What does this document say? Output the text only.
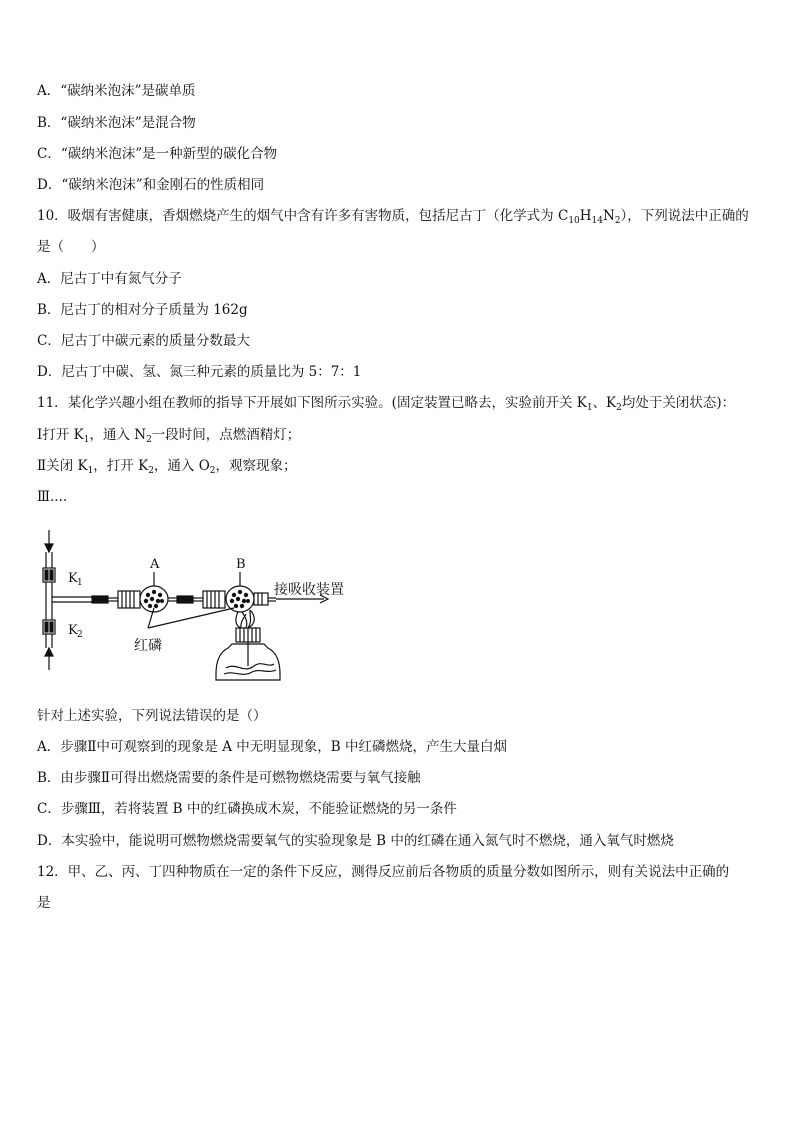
A．“碳纳米泡沫”是碳单质
B．“碳纳米泡沫”是混合物
C．“碳纳米泡沫”是一种新型的碳化合物
D．“碳纳米泡沫”和金刚石的性质相同
10．吸烟有害健康，香烟燃烧产生的烟气中含有许多有害物质，包括尼古丁（化学式为 $C_{10}H_{14}N_2$），下列说法中正确的
是（　　）
A．尼古丁中有氮气分子
B．尼古丁的相对分子质量为 162g
C．尼古丁中碳元素的质量分数最大
D．尼古丁中碳、氢、氮三种元素的质量比为 5：7：1
11．某化学兴趣小组在教师的指导下开展如下图所示实验。(固定装置已略去，实验前开关 $K_1$、$K_2$均处于关闭状态)：
Ⅰ打开 $K_1$，通入 $N_2$一段时间，点燃酒精灯；
Ⅱ关闭 $K_1$，打开 $K_2$，通入 $O_2$，观察现象；
Ⅲ....
A	B
K 1
K 2
红磷
接吸收装置
针对上述实验，下列说法错误的是（）
A．步骤Ⅱ中可观察到的现象是 A 中无明显现象，B 中红磷燃烧，产生大量白烟
B．由步骤Ⅱ可得出燃烧需要的条件是可燃物燃烧需要与氧气接触
C．步骤Ⅲ，若将装置 B 中的红磷换成木炭，不能验证燃烧的另一条件
D．本实验中，能说明可燃物燃烧需要氧气的实验现象是 B 中的红磷在通入氮气时不燃烧，通入氧气时燃烧
12．甲、乙、丙、丁四种物质在一定的条件下反应，测得反应前后各物质的质量分数如图所示，则有关说法中正确的
是
